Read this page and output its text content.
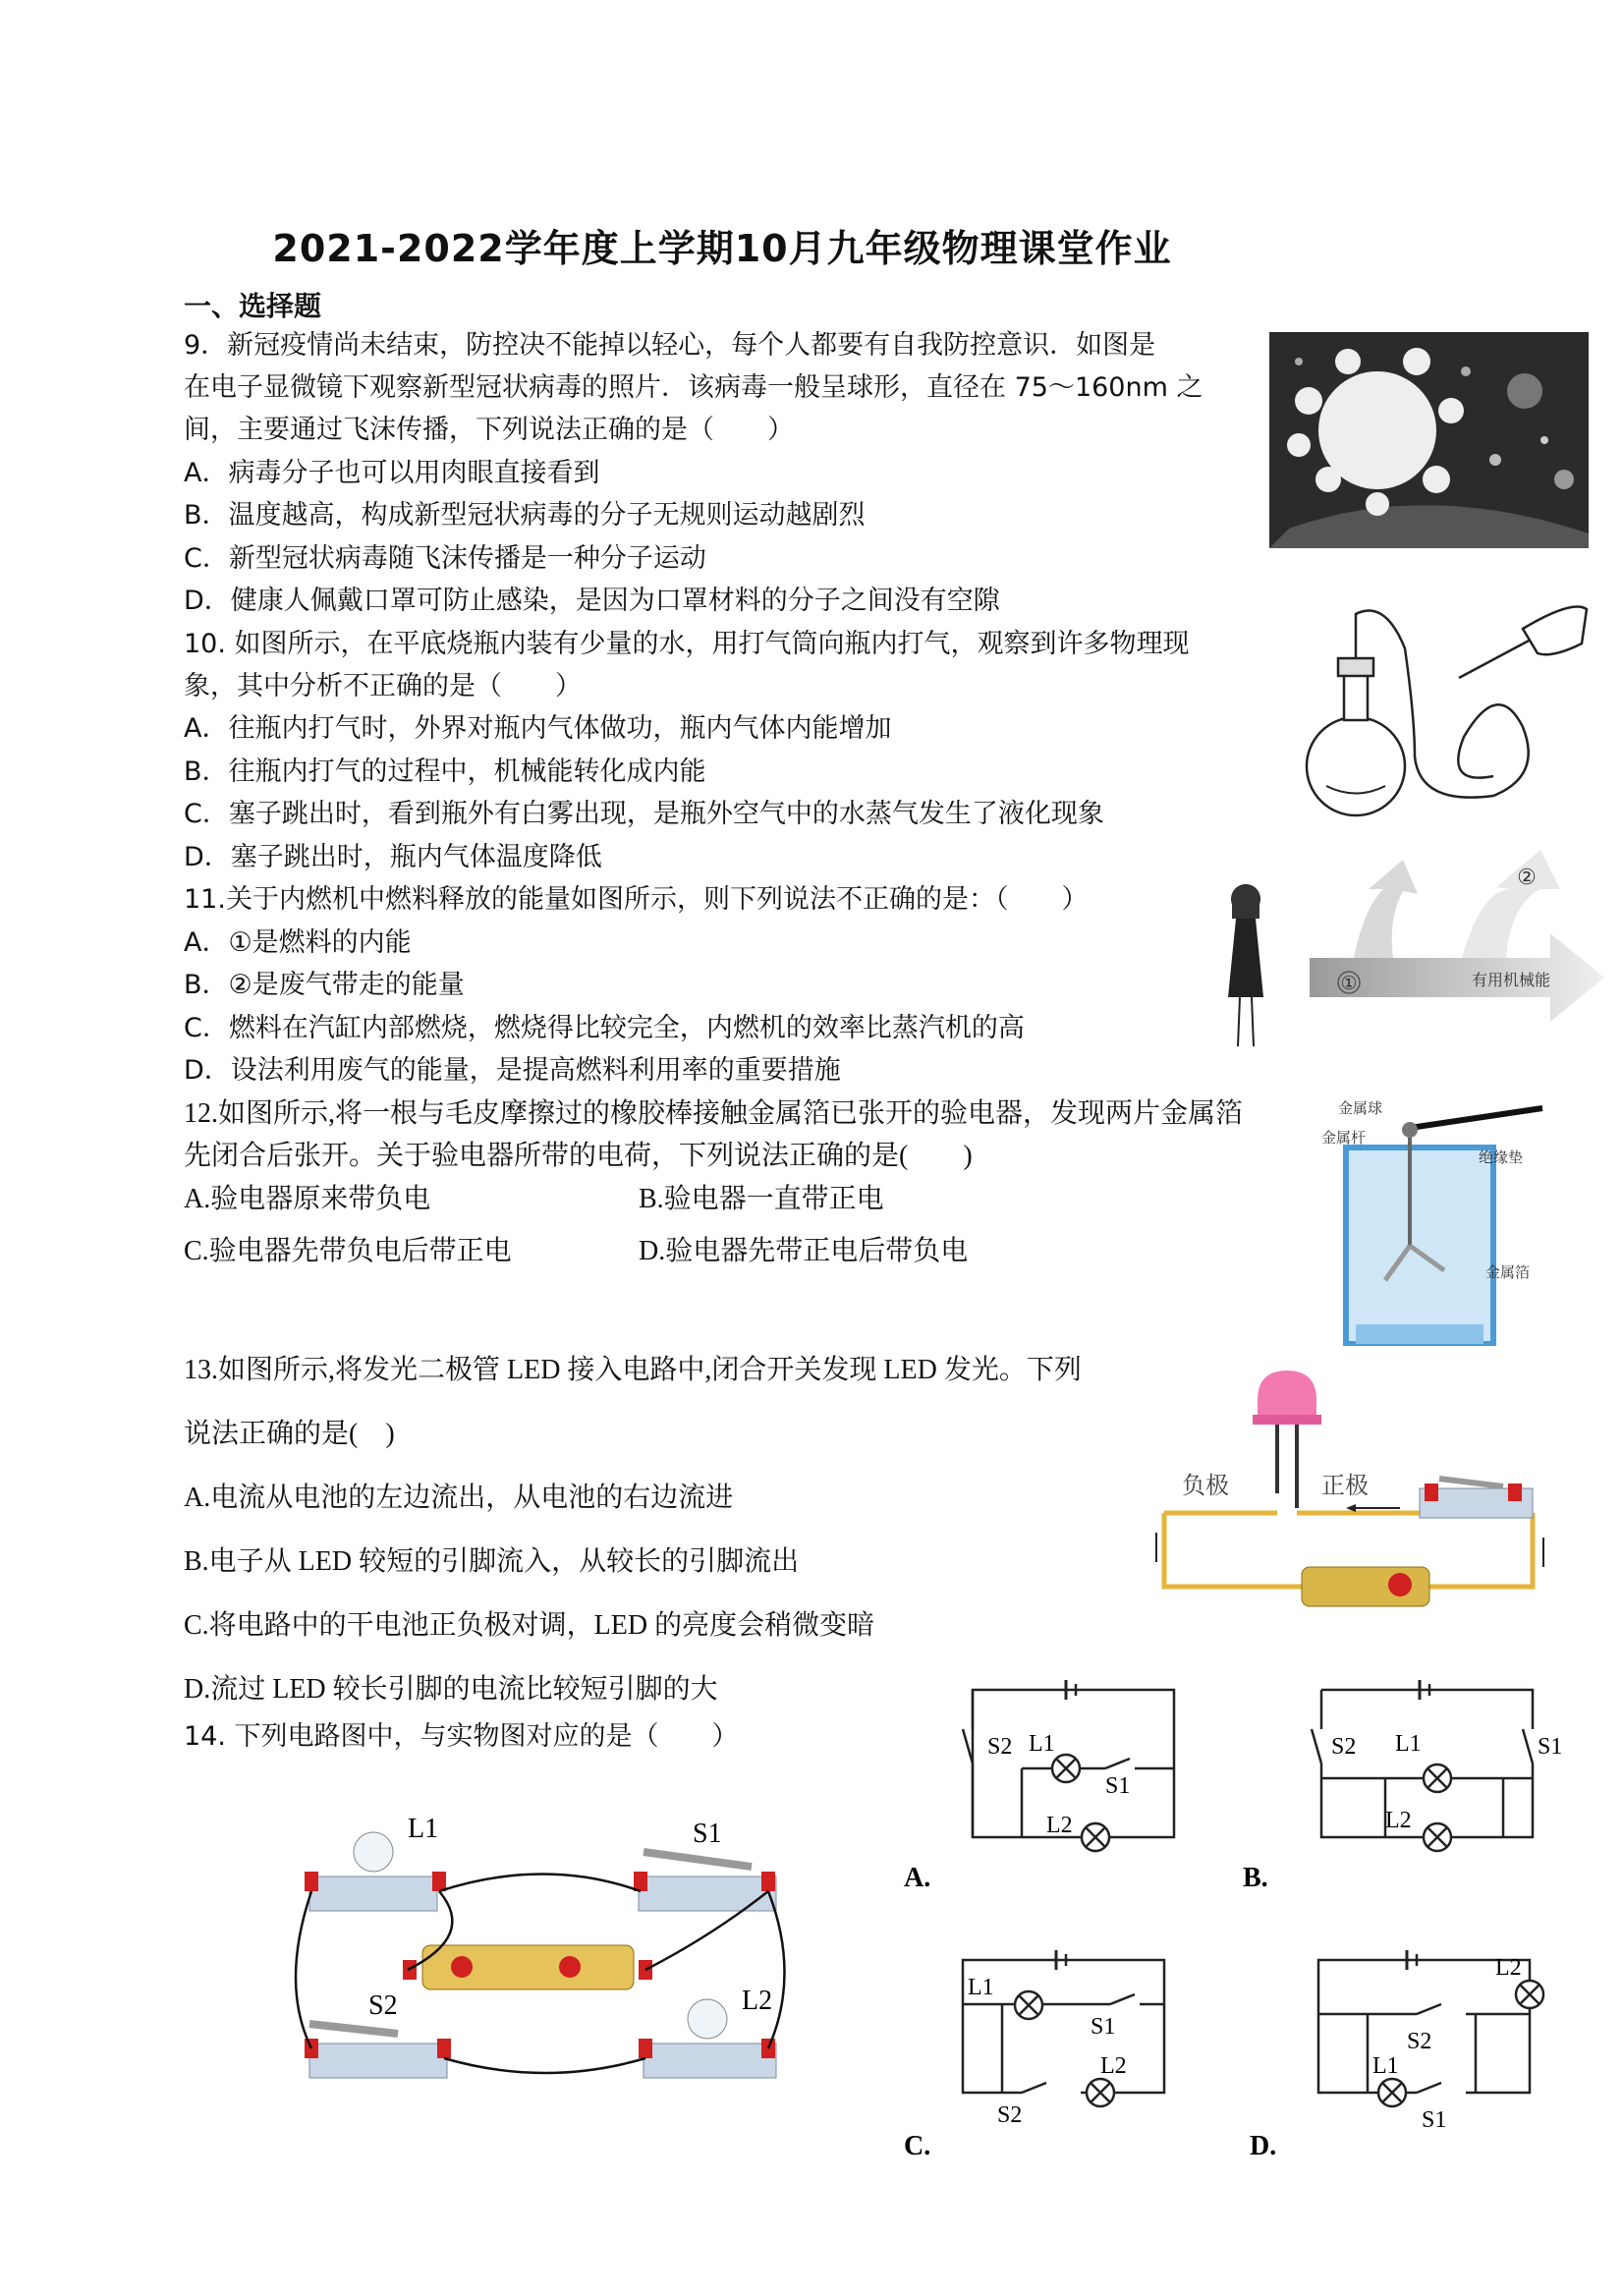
2021-2022学年度上学期10月九年级物理课堂作业
一、选择题
9．新冠疫情尚未结束，防控决不能掉以轻心，每个人都要有自我防控意识．如图是
在电子显微镜下观察新型冠状病毒的照片．该病毒一般呈球形，直径在 75～160nm 之
间，主要通过飞沫传播，下列说法正确的是（　　）
A．病毒分子也可以用肉眼直接看到
B．温度越高，构成新型冠状病毒的分子无规则运动越剧烈
C．新型冠状病毒随飞沫传播是一种分子运动
D．健康人佩戴口罩可防止感染，是因为口罩材料的分子之间没有空隙
10. 如图所示，在平底烧瓶内装有少量的水，用打气筒向瓶内打气，观察到许多物理现
象，其中分析不正确的是（　　）
A．往瓶内打气时，外界对瓶内气体做功，瓶内气体内能增加
B．往瓶内打气的过程中，机械能转化成内能
C．塞子跳出时，看到瓶外有白雾出现，是瓶外空气中的水蒸气发生了液化现象
D．塞子跳出时，瓶内气体温度降低
11.关于内燃机中燃料释放的能量如图所示，则下列说法不正确的是：（　　）
A．①是燃料的内能
B．②是废气带走的能量
C．燃料在汽缸内部燃烧，燃烧得比较完全，内燃机的效率比蒸汽机的高
D．设法利用废气的能量，是提高燃料利用率的重要措施
①
②
有用机械能
12.如图所示,将一根与毛皮摩擦过的橡胶棒接触金属箔已张开的验电器，发现两片金属箔
先闭合后张开。关于验电器所带的电荷，下列说法正确的是(　　)
A.验电器原来带负电	B.验电器一直带正电
C.验电器先带负电后带正电	D.验电器先带正电后带负电
金属球
金属杆
绝缘垫
金属箔
13.如图所示,将发光二极管 LED 接入电路中,闭合开关发现 LED 发光。下列
说法正确的是(　)
A.电流从电池的左边流出，从电池的右边流进
B.电子从 LED 较短的引脚流入，从较长的引脚流出
C.将电路中的干电池正负极对调，LED 的亮度会稍微变暗
D.流过 LED 较长引脚的电流比较短引脚的大
负极	正极
14. 下列电路图中，与实物图对应的是（　　）
L1	S1
S2	L2
S2 L1
S1
L2
A.
S2 L1	S1
L2
B.
L1
S1
S2
L2
C.
L2
S2
L1
S1
D.
